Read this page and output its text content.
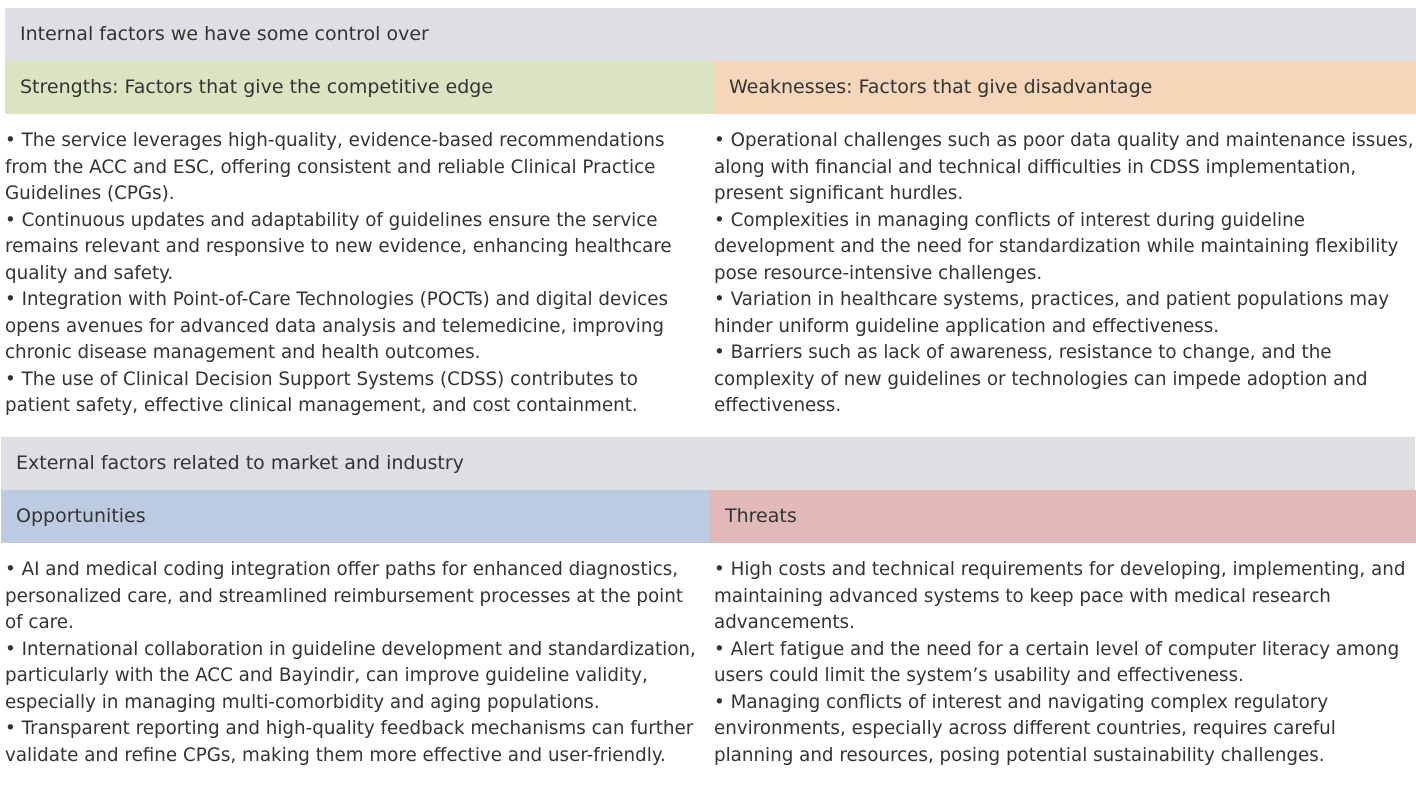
Internal factors we have some control over
Strengths: Factors that give the competitive edge	Weaknesses: Factors that give disadvantage
• The service leverages high-quality, evidence-based recommendations from the ACC and ESC, offering consistent and reliable Clinical Practice Guidelines (CPGs).
• Continuous updates and adaptability of guidelines ensure the service remains relevant and responsive to new evidence, enhancing healthcare quality and safety.
• Integration with Point-of-Care Technologies (POCTs) and digital devices opens avenues for advanced data analysis and telemedicine, improving chronic disease management and health outcomes.
• The use of Clinical Decision Support Systems (CDSS) contributes to patient safety, effective clinical management, and cost containment.
• Operational challenges such as poor data quality and maintenance issues, along with financial and technical difficulties in CDSS implementation, present significant hurdles.
• Complexities in managing conflicts of interest during guideline development and the need for standardization while maintaining flexibility pose resource-intensive challenges.
• Variation in healthcare systems, practices, and patient populations may hinder uniform guideline application and effectiveness.
• Barriers such as lack of awareness, resistance to change, and the complexity of new guidelines or technologies can impede adoption and effectiveness.
External factors related to market and industry
Opportunities	Threats
• AI and medical coding integration offer paths for enhanced diagnostics, personalized care, and streamlined reimbursement processes at the point of care.
• International collaboration in guideline development and standardization, particularly with the ACC and Bayindir, can improve guideline validity, especially in managing multi-comorbidity and aging populations.
• Transparent reporting and high-quality feedback mechanisms can further validate and refine CPGs, making them more effective and user-friendly.
• High costs and technical requirements for developing, implementing, and maintaining advanced systems to keep pace with medical research advancements.
• Alert fatigue and the need for a certain level of computer literacy among users could limit the system’s usability and effectiveness.
• Managing conflicts of interest and navigating complex regulatory environments, especially across different countries, requires careful planning and resources, posing potential sustainability challenges.
